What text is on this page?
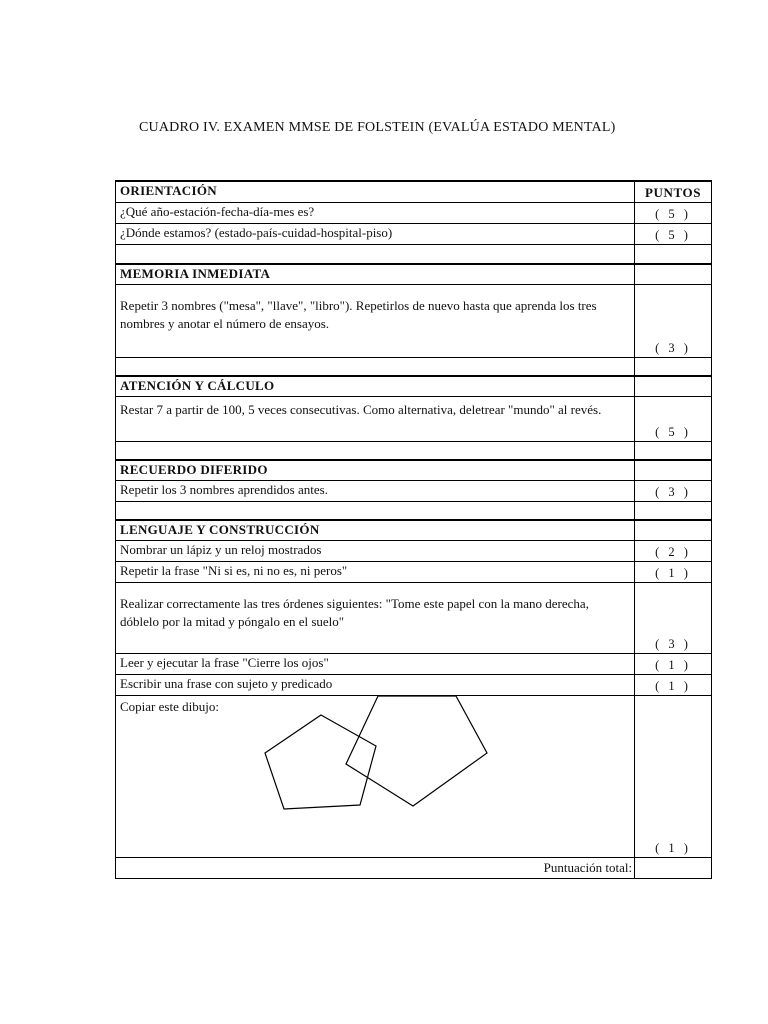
CUADRO IV. EXAMEN MMSE DE FOLSTEIN (EVALÚA ESTADO MENTAL)
ORIENTACIÓN	PUNTOS
¿Qué año-estación-fecha-día-mes es?	( 5 )
¿Dónde estamos? (estado-país-cuidad-hospital-piso)	( 5 )

MEMORIA INMEDIATA	
Repetir 3 nombres ("mesa", "llave", "libro"). Repetirlos de nuevo hasta que aprenda los tres nombres y anotar el número de ensayos.	( 3 )

ATENCIÓN Y CÁLCULO	
Restar 7 a partir de 100, 5 veces consecutivas. Como alternativa, deletrear "mundo" al revés.	( 5 )

RECUERDO DIFERIDO	
Repetir los 3 nombres aprendidos antes.	( 3 )

LENGUAJE Y CONSTRUCCIÓN	
Nombrar un lápiz y un reloj mostrados	( 2 )
Repetir la frase "Ni si es, ni no es, ni peros"	( 1 )
Realizar correctamente las tres órdenes siguientes: "Tome este papel con la mano derecha, dóblelo por la mitad y póngalo en el suelo"	( 3 )
Leer y ejecutar la frase "Cierre los ojos"	( 1 )
Escribir una frase con sujeto y predicado	( 1 )

Copiar este dibujo:	( 1 )
Puntuación total:	
